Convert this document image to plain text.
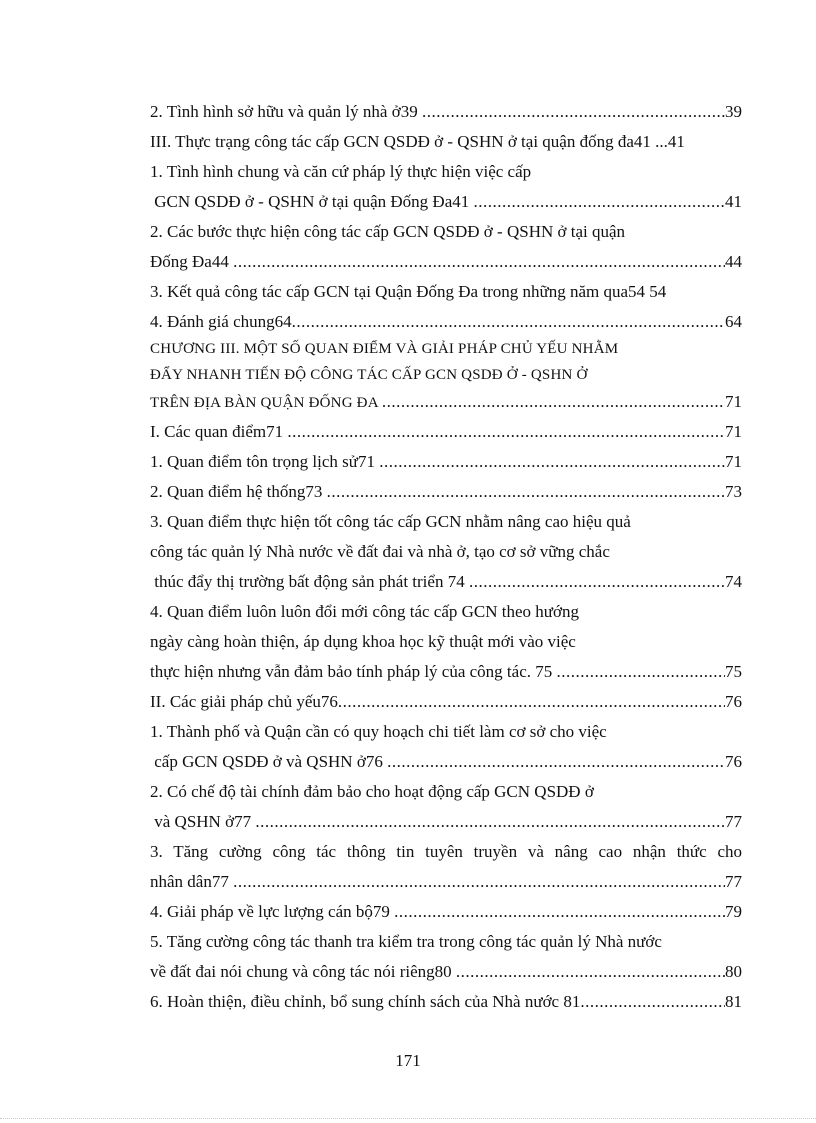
2. Tình hình sở hữu và quản lý nhà ở39 .....	39
III. Thực trạng công tác cấp GCN QSDĐ ở - QSHN ở tại quận đống đa41 ...41
1. Tình hình chung và căn cứ pháp lý thực hiện việc cấp
GCN QSDĐ ở - QSHN ở tại quận Đống Đa41 .....	41
2. Các bước thực hiện công tác cấp GCN QSDĐ ở - QSHN ở tại quận
Đống Đa44 .....	44
3. Kết quả công tác cấp GCN tại Quận Đống Đa trong những năm qua54 54
4. Đánh giá chung64 .....	64
CHƯƠNG III. MỘT SỐ QUAN ĐIỂM VÀ GIẢI PHÁP CHỦ YẾU NHẰM
ĐẨY NHANH TIẾN ĐỘ CÔNG TÁC CẤP GCN QSDĐ Ở - QSHN Ở
TRÊN ĐỊA BÀN QUẬN ĐỐNG ĐA .....	71
I. Các quan điểm71 .....	71
1. Quan điểm tôn trọng lịch sử71 .....	71
2. Quan điểm hệ thống73 .....	73
3. Quan điểm thực hiện tốt công tác cấp GCN nhằm nâng cao hiệu quả
công tác quản lý Nhà nước về đất đai và nhà ở, tạo cơ sở vững chắc
thúc đẩy thị trường bất động sản phát triển 74 .....	74
4. Quan điểm luôn luôn đổi mới công tác cấp GCN theo hướng
ngày càng hoàn thiện, áp dụng khoa học kỹ thuật mới vào việc
thực hiện nhưng vẫn đảm bảo tính pháp lý của công tác. 75 .....	75
II. Các giải pháp chủ yếu76 .....	76
1. Thành phố và Quận cần có quy hoạch chi tiết làm cơ sở cho việc
cấp GCN QSDĐ ở và QSHN ở76 .....	76
2. Có chế độ tài chính đảm bảo cho hoạt động cấp GCN QSDĐ ở
và QSHN ở77 .....	77
3. Tăng cường công tác thông tin tuyên truyền và nâng cao nhận thức cho
nhân dân77 .....	77
4. Giải pháp về lực lượng cán bộ79 .....	79
5. Tăng cường công tác thanh tra kiểm tra trong công tác quản lý Nhà nước
về đất đai nói chung và công tác nói riêng80 .....	80
6. Hoàn thiện, điều chỉnh, bổ sung chính sách của Nhà nước 81 .....	81
171
